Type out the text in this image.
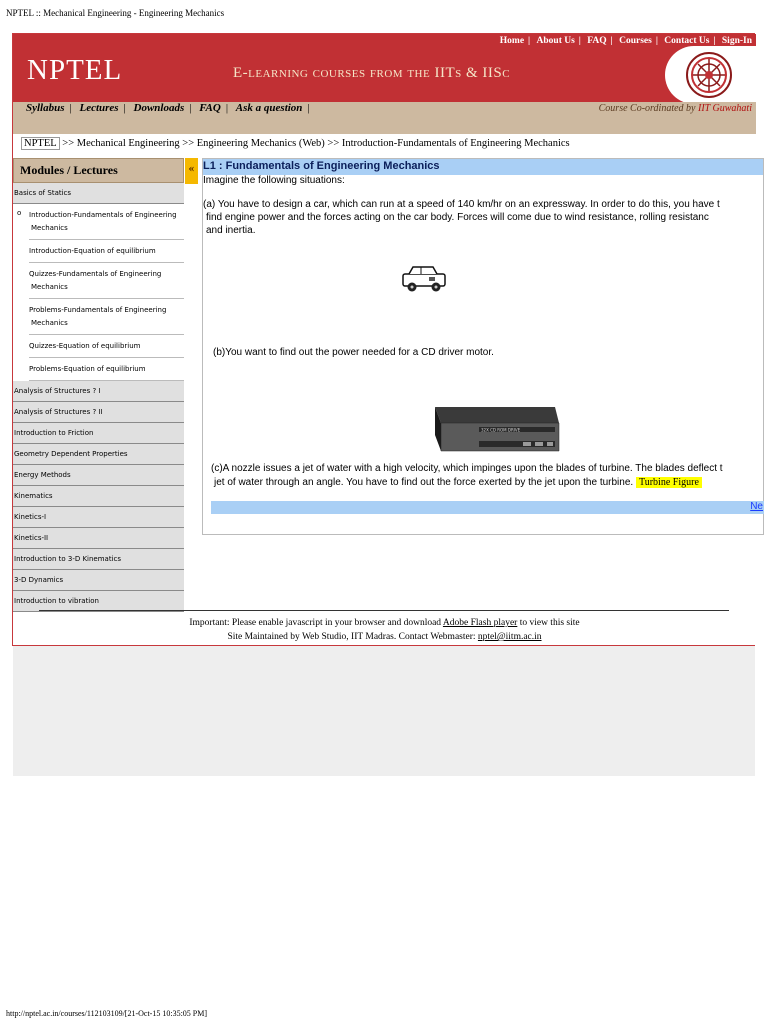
NPTEL :: Mechanical Engineering - Engineering Mechanics
Home | About Us | FAQ | Courses | Contact Us | Sign-In
NPTEL	E-learning courses from the IITs & IISc
Syllabus | Lectures | Downloads | FAQ | Ask a question |	Course Co-ordinated by IIT Guwahati
NPTEL >> Mechanical Engineering >> Engineering Mechanics (Web) >> Introduction-Fundamentals of Engineering Mechanics
Modules / Lectures
Basics of Statics
o Introduction-Fundamentals of Engineering
Mechanics
Introduction-Equation of equilibrium
Quizzes-Fundamentals of Engineering
Mechanics
Problems-Fundamentals of Engineering
Mechanics
Quizzes-Equation of equilibrium
Problems-Equation of equilibrium
Analysis of Structures ? I
Analysis of Structures ? II
Introduction to Friction
Geometry Dependent Properties
Energy Methods
Kinematics
Kinetics-I
Kinetics-II
Introduction to 3-D Kinematics
3-D Dynamics
Introduction to vibration
« L1 : Fundamentals of Engineering Mechanics
Imagine the following situations:
(a) You have to design a car, which can run at a speed of 140 km/hr on an expressway. In order to do this, you have t
find engine power and the forces acting on the car body. Forces will come due to wind resistance, rolling resistanc
and inertia.
(b)You want to find out the power needed for a CD driver motor.
32X CD ROM DRIVE
(c)A nozzle issues a jet of water with a high velocity, which impinges upon the blades of turbine. The blades deflect t
jet of water through an angle. You have to find out the force exerted by the jet upon the turbine. Turbine Figure
Ne
Important: Please enable javascript in your browser and download Adobe Flash player to view this site
Site Maintained by Web Studio, IIT Madras. Contact Webmaster: nptel@iitm.ac.in
http://nptel.ac.in/courses/112103109/[21-Oct-15 10:35:05 PM]
